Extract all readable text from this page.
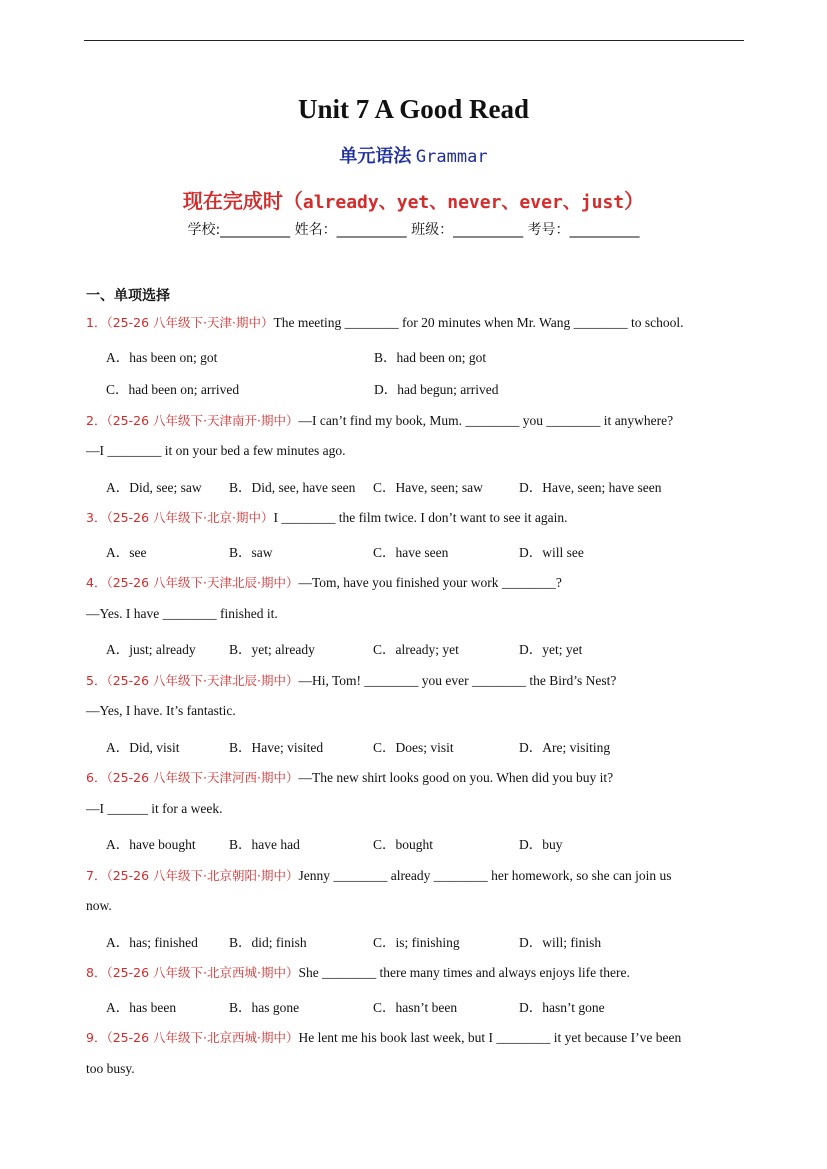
Unit 7 A Good Read
单元语法 Grammar
现在完成时（already、yet、never、ever、just）
学校:__________ 姓名：__________ 班级：__________ 考号：__________
一、单项选择
1．（25-26 八年级下·天津·期中）The meeting ________ for 20 minutes when Mr. Wang ________ to school.
A．has been on; got	B．had been on; got
C．had been on; arrived	D．had begun; arrived
2．（25-26 八年级下·天津南开·期中）—I can’t find my book, Mum. ________ you ________ it anywhere?
—I ________ it on your bed a few minutes ago.
A．Did, see; saw B．Did, see, have seen C．Have, seen; saw	D．Have, seen; have seen
3．（25-26 八年级下·北京·期中）I ________ the film twice. I don’t want to see it again.
A．see	B．saw	C．have seen	D．will see
4．（25-26 八年级下·天津北辰·期中）—Tom, have you finished your work ________?
—Yes. I have ________ finished it.
A．just; already B．yet; already	C．already; yet	D．yet; yet
5．（25-26 八年级下·天津北辰·期中）—Hi, Tom! ________ you ever ________ the Bird’s Nest?
—Yes, I have. It’s fantastic.
A．Did, visit	B．Have; visited	C．Does; visit	D．Are; visiting
6．（25-26 八年级下·天津河西·期中）—The new shirt looks good on you. When did you buy it?
—I ______ it for a week.
A．have bought B．have had	C．bought	D．buy
7．（25-26 八年级下·北京朝阳·期中）Jenny ________ already ________ her homework, so she can join us
now.
A．has; finished B．did; finish	C．is; finishing	D．will; finish
8．（25-26 八年级下·北京西城·期中）She ________ there many times and always enjoys life there.
A．has been	B．has gone	C．hasn’t been	D．hasn’t gone
9．（25-26 八年级下·北京西城·期中）He lent me his book last week, but I ________ it yet because I’ve been
too busy.
